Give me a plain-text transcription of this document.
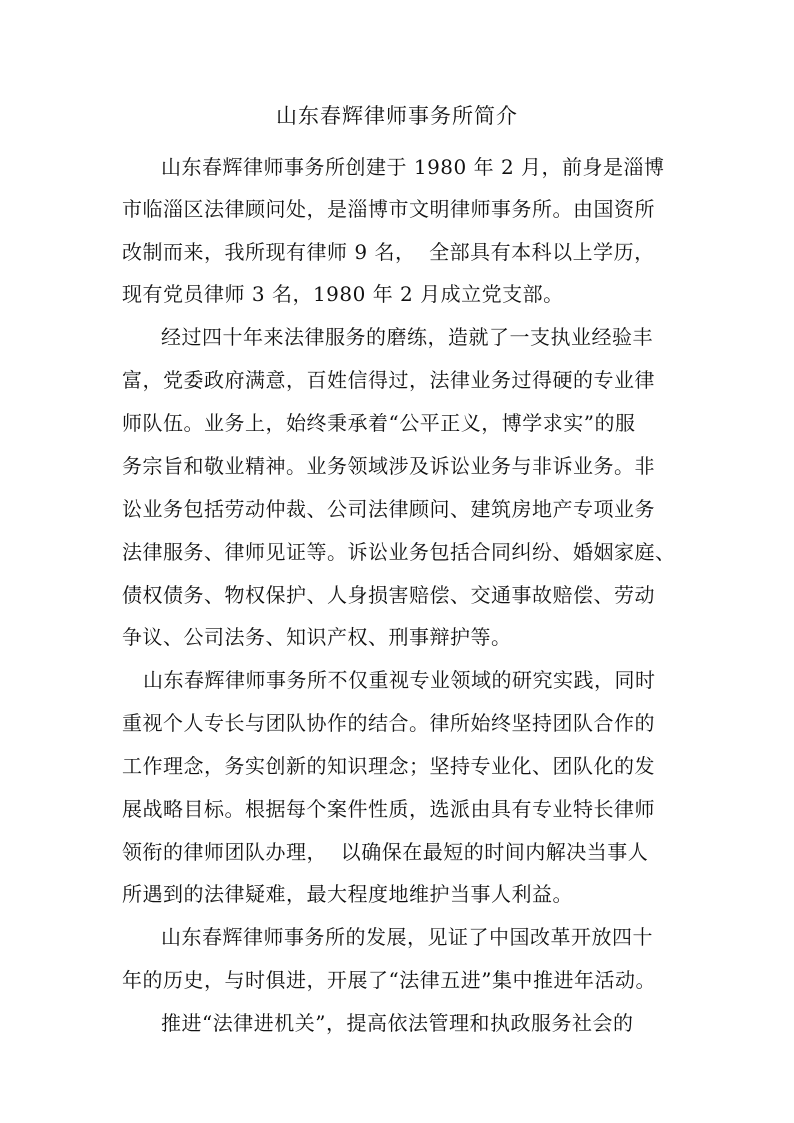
山东春辉律师事务所简介
山东春辉律师事务所创建于 1980 年 2 月，前身是淄博
市临淄区法律顾问处，是淄博市文明律师事务所。由国资所
改制而来，我所现有律师 9 名，  全部具有本科以上学历，
现有党员律师 3 名，1980 年 2 月成立党支部。
经过四十年来法律服务的磨练，造就了一支执业经验丰
富，党委政府满意，百姓信得过，法律业务过得硬的专业律
师队伍。业务上，始终秉承着“公平正义，博学求实”的服
务宗旨和敬业精神。业务领域涉及诉讼业务与非诉业务。非
讼业务包括劳动仲裁、公司法律顾问、建筑房地产专项业务
法律服务、律师见证等。诉讼业务包括合同纠纷、婚姻家庭、
债权债务、物权保护、人身损害赔偿、交通事故赔偿、劳动
争议、公司法务、知识产权、刑事辩护等。
山东春辉律师事务所不仅重视专业领域的研究实践，同时
重视个人专长与团队协作的结合。律所始终坚持团队合作的
工作理念，务实创新的知识理念；坚持专业化、团队化的发
展战略目标。根据每个案件性质，选派由具有专业特长律师
领衔的律师团队办理，  以确保在最短的时间内解决当事人
所遇到的法律疑难，最大程度地维护当事人利益。
山东春辉律师事务所的发展，见证了中国改革开放四十
年的历史，与时俱进，开展了“法律五进”集中推进年活动。
推进“法律进机关”，提高依法管理和执政服务社会的
